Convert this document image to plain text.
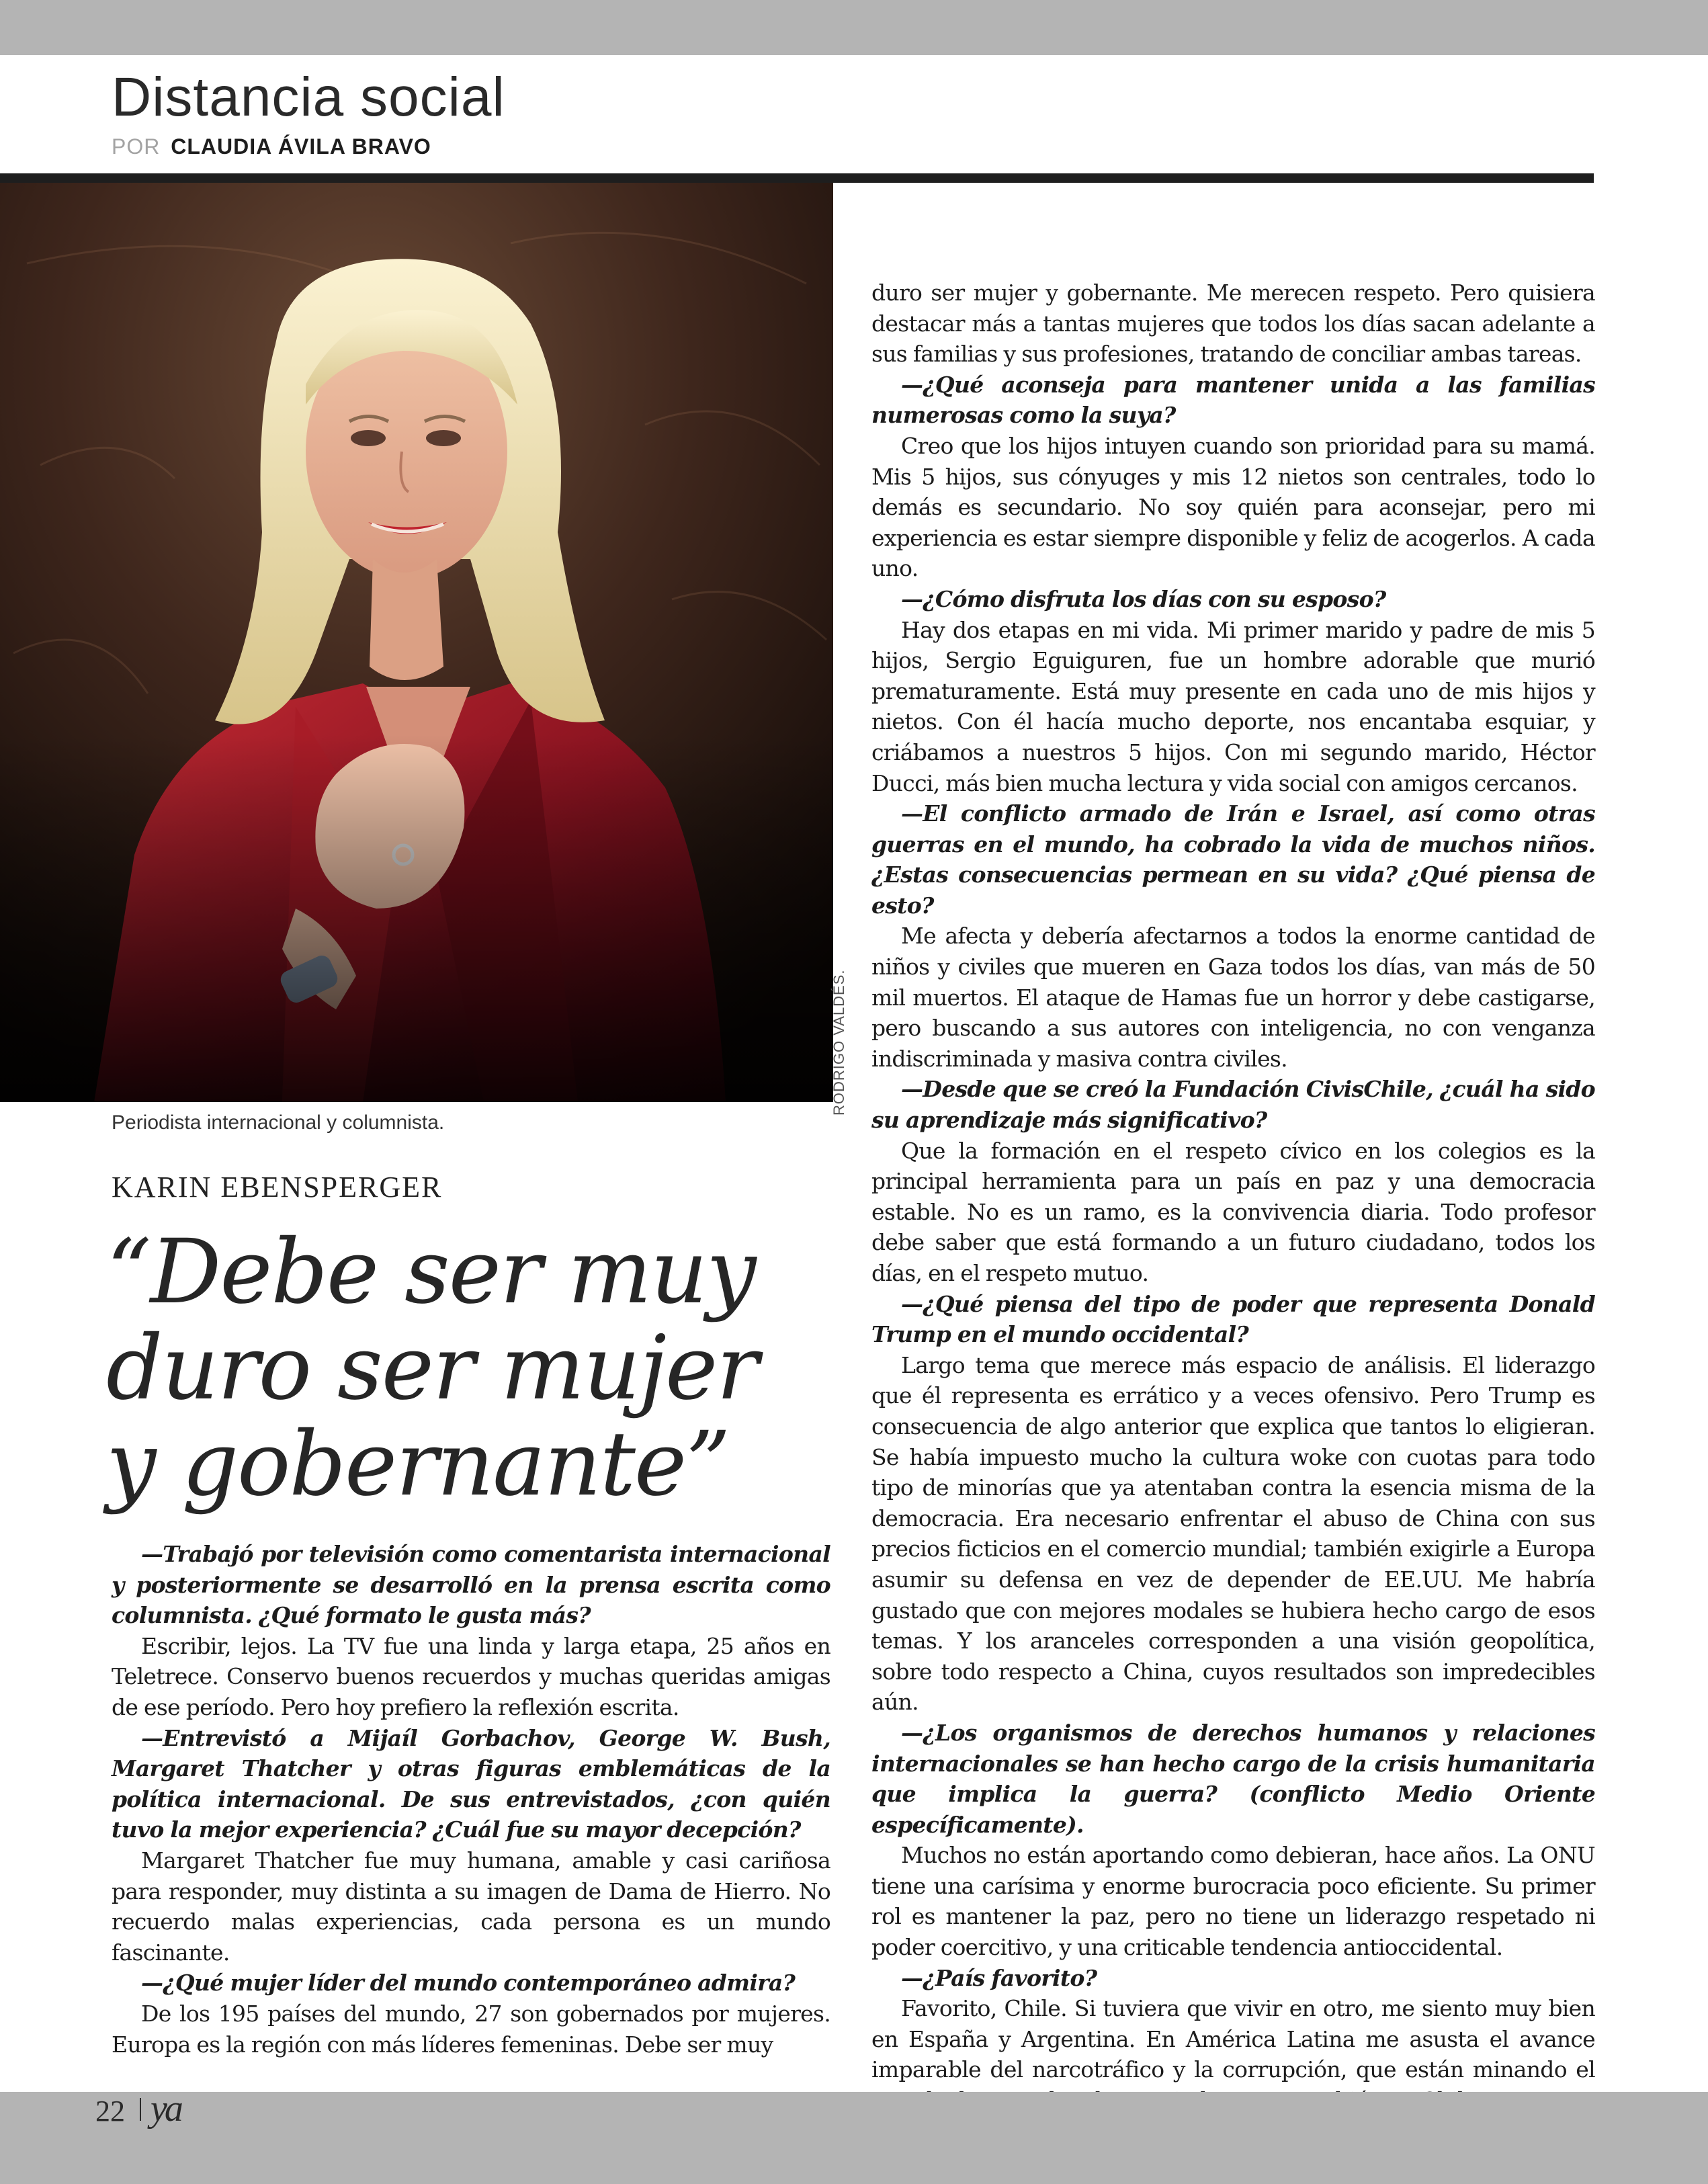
Distancia social

POR CLAUDIA ÁVILA BRAVO

RODRIGO VALDÉS.

Periodista internacional y columnista.

KARIN EBENSPERGER

“Debe ser muy
duro ser mujer
y gobernante”

—Trabajó por televisión como comentarista internacional y posteriormente se desarrolló en la prensa escrita como columnista. ¿Qué formato le gusta más?

Escribir, lejos. La TV fue una linda y larga etapa, 25 años en Teletrece. Conservo buenos recuerdos y muchas queridas amigas de ese período. Pero hoy prefiero la reflexión escrita.

—Entrevistó a Mijaíl Gorbachov, George W. Bush, Margaret Thatcher y otras figuras emblemáticas de la política internacional. De sus entrevistados, ¿con quién tuvo la mejor experiencia? ¿Cuál fue su mayor decepción?

Margaret Thatcher fue muy humana, amable y casi cariñosa para responder, muy distinta a su imagen de Dama de Hierro. No recuerdo malas experiencias, cada persona es un mundo fascinante.

—¿Qué mujer líder del mundo contemporáneo admira?

De los 195 países del mundo, 27 son gobernados por mujeres. Europa es la región con más líderes femeninas. Debe ser muy

duro ser mujer y gobernante. Me merecen respeto. Pero quisiera destacar más a tantas mujeres que todos los días sacan adelante a sus familias y sus profesiones, tratando de conciliar ambas tareas.

—¿Qué aconseja para mantener unida a las familias numerosas como la suya?

Creo que los hijos intuyen cuando son prioridad para su mamá. Mis 5 hijos, sus cónyuges y mis 12 nietos son centrales, todo lo demás es secundario. No soy quién para aconsejar, pero mi experiencia es estar siempre disponible y feliz de acogerlos. A cada uno.

—¿Cómo disfruta los días con su esposo?

Hay dos etapas en mi vida. Mi primer marido y padre de mis 5 hijos, Sergio Eguiguren, fue un hombre adorable que murió prematuramente. Está muy presente en cada uno de mis hijos y nietos. Con él hacía mucho deporte, nos encantaba esquiar, y criábamos a nuestros 5 hijos. Con mi segundo marido, Héctor Ducci, más bien mucha lectura y vida social con amigos cercanos.

—El conflicto armado de Irán e Israel, así como otras guerras en el mundo, ha cobrado la vida de muchos niños. ¿Estas consecuencias permean en su vida? ¿Qué piensa de esto?

Me afecta y debería afectarnos a todos la enorme cantidad de niños y civiles que mueren en Gaza todos los días, van más de 50 mil muertos. El ataque de Hamas fue un horror y debe castigarse, pero buscando a sus autores con inteligencia, no con venganza indiscriminada y masiva contra civiles.

—Desde que se creó la Fundación CivisChile, ¿cuál ha sido su aprendizaje más significativo?

Que la formación en el respeto cívico en los colegios es la principal herramienta para un país en paz y una democracia estable. No es un ramo, es la convivencia diaria. Todo profesor debe saber que está formando a un futuro ciudadano, todos los días, en el respeto mutuo.

—¿Qué piensa del tipo de poder que representa Donald Trump en el mundo occidental?

Largo tema que merece más espacio de análisis. El liderazgo que él representa es errático y a veces ofensivo. Pero Trump es consecuencia de algo anterior que explica que tantos lo eligieran. Se había impuesto mucho la cultura woke con cuotas para todo tipo de minorías que ya atentaban contra la esencia misma de la democracia. Era necesario enfrentar el abuso de China con sus precios ficticios en el comercio mundial; también exigirle a Europa asumir su defensa en vez de depender de EE.UU. Me habría gustado que con mejores modales se hubiera hecho cargo de esos temas. Y los aranceles corresponden a una visión geopolítica, sobre todo respecto a China, cuyos resultados son impredecibles aún.

—¿Los organismos de derechos humanos y relaciones internacionales se han hecho cargo de la crisis humanitaria que implica la guerra? (conflicto Medio Oriente específicamente).

Muchos no están aportando como debieran, hace años. La ONU tiene una carísima y enorme burocracia poco eficiente. Su primer rol es mantener la paz, pero no tiene un liderazgo respetado ni poder coercitivo, y una criticable tendencia antioccidental.

—¿País favorito?

Favorito, Chile. Si tuviera que vivir en otro, me siento muy bien en España y Argentina. En América Latina me asusta el avance imparable del narcotráfico y la corrupción, que están minando el

22 ya
